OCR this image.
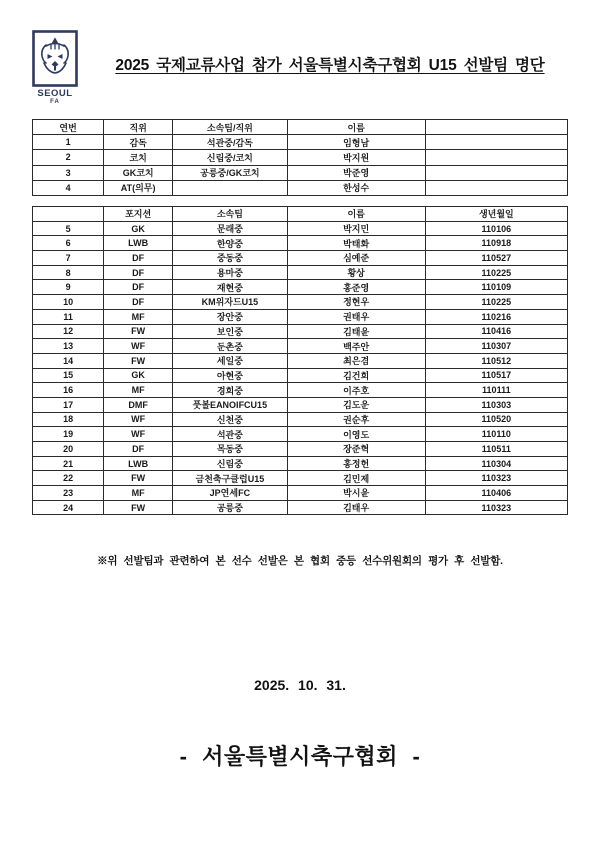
SEOUL
FA
2025 국제교류사업 참가 서울특별시축구협회 U15 선발팀 명단
연번	직위	소속팀/직위	이름	
1	감독	석관중/감독	임형남	
2	코치	신림중/코치	박지원	
3	GK코치	공릉중/GK코치	박준영	
4	AT(의무)		한성수	
	포지션	소속팀	이름	생년월일
5	GK	문래중	박지민	110106
6	LWB	한양중	박태화	110918
7	DF	중동중	심예준	110527
8	DF	용마중	황상	110225
9	DF	재현중	홍준영	110109
10	DF	KM위자드U15	정현우	110225
11	MF	장안중	권태우	110216
12	FW	보인중	김태윤	110416
13	WF	둔촌중	백주안	110307
14	FW	세일중	최은겸	110512
15	GK	아현중	김건희	110517
16	MF	경희중	이주호	110111
17	DMF	풋볼EANOIFCU15	김도운	110303
18	WF	신천중	권순후	110520
19	WF	석관중	이영도	110110
20	DF	목동중	장준혁	110511
21	LWB	신림중	홍정헌	110304
22	FW	금천축구클럽U15	김민제	110323
23	MF	JP연세FC	박시윤	110406
24	FW	공릉중	김태우	110323

※위 선발팀과 관련하여 본 선수 선발은 본 협회 중등 선수위원회의 평가 후 선발함.

2025. 10. 31.

- 서울특별시축구협회 -
